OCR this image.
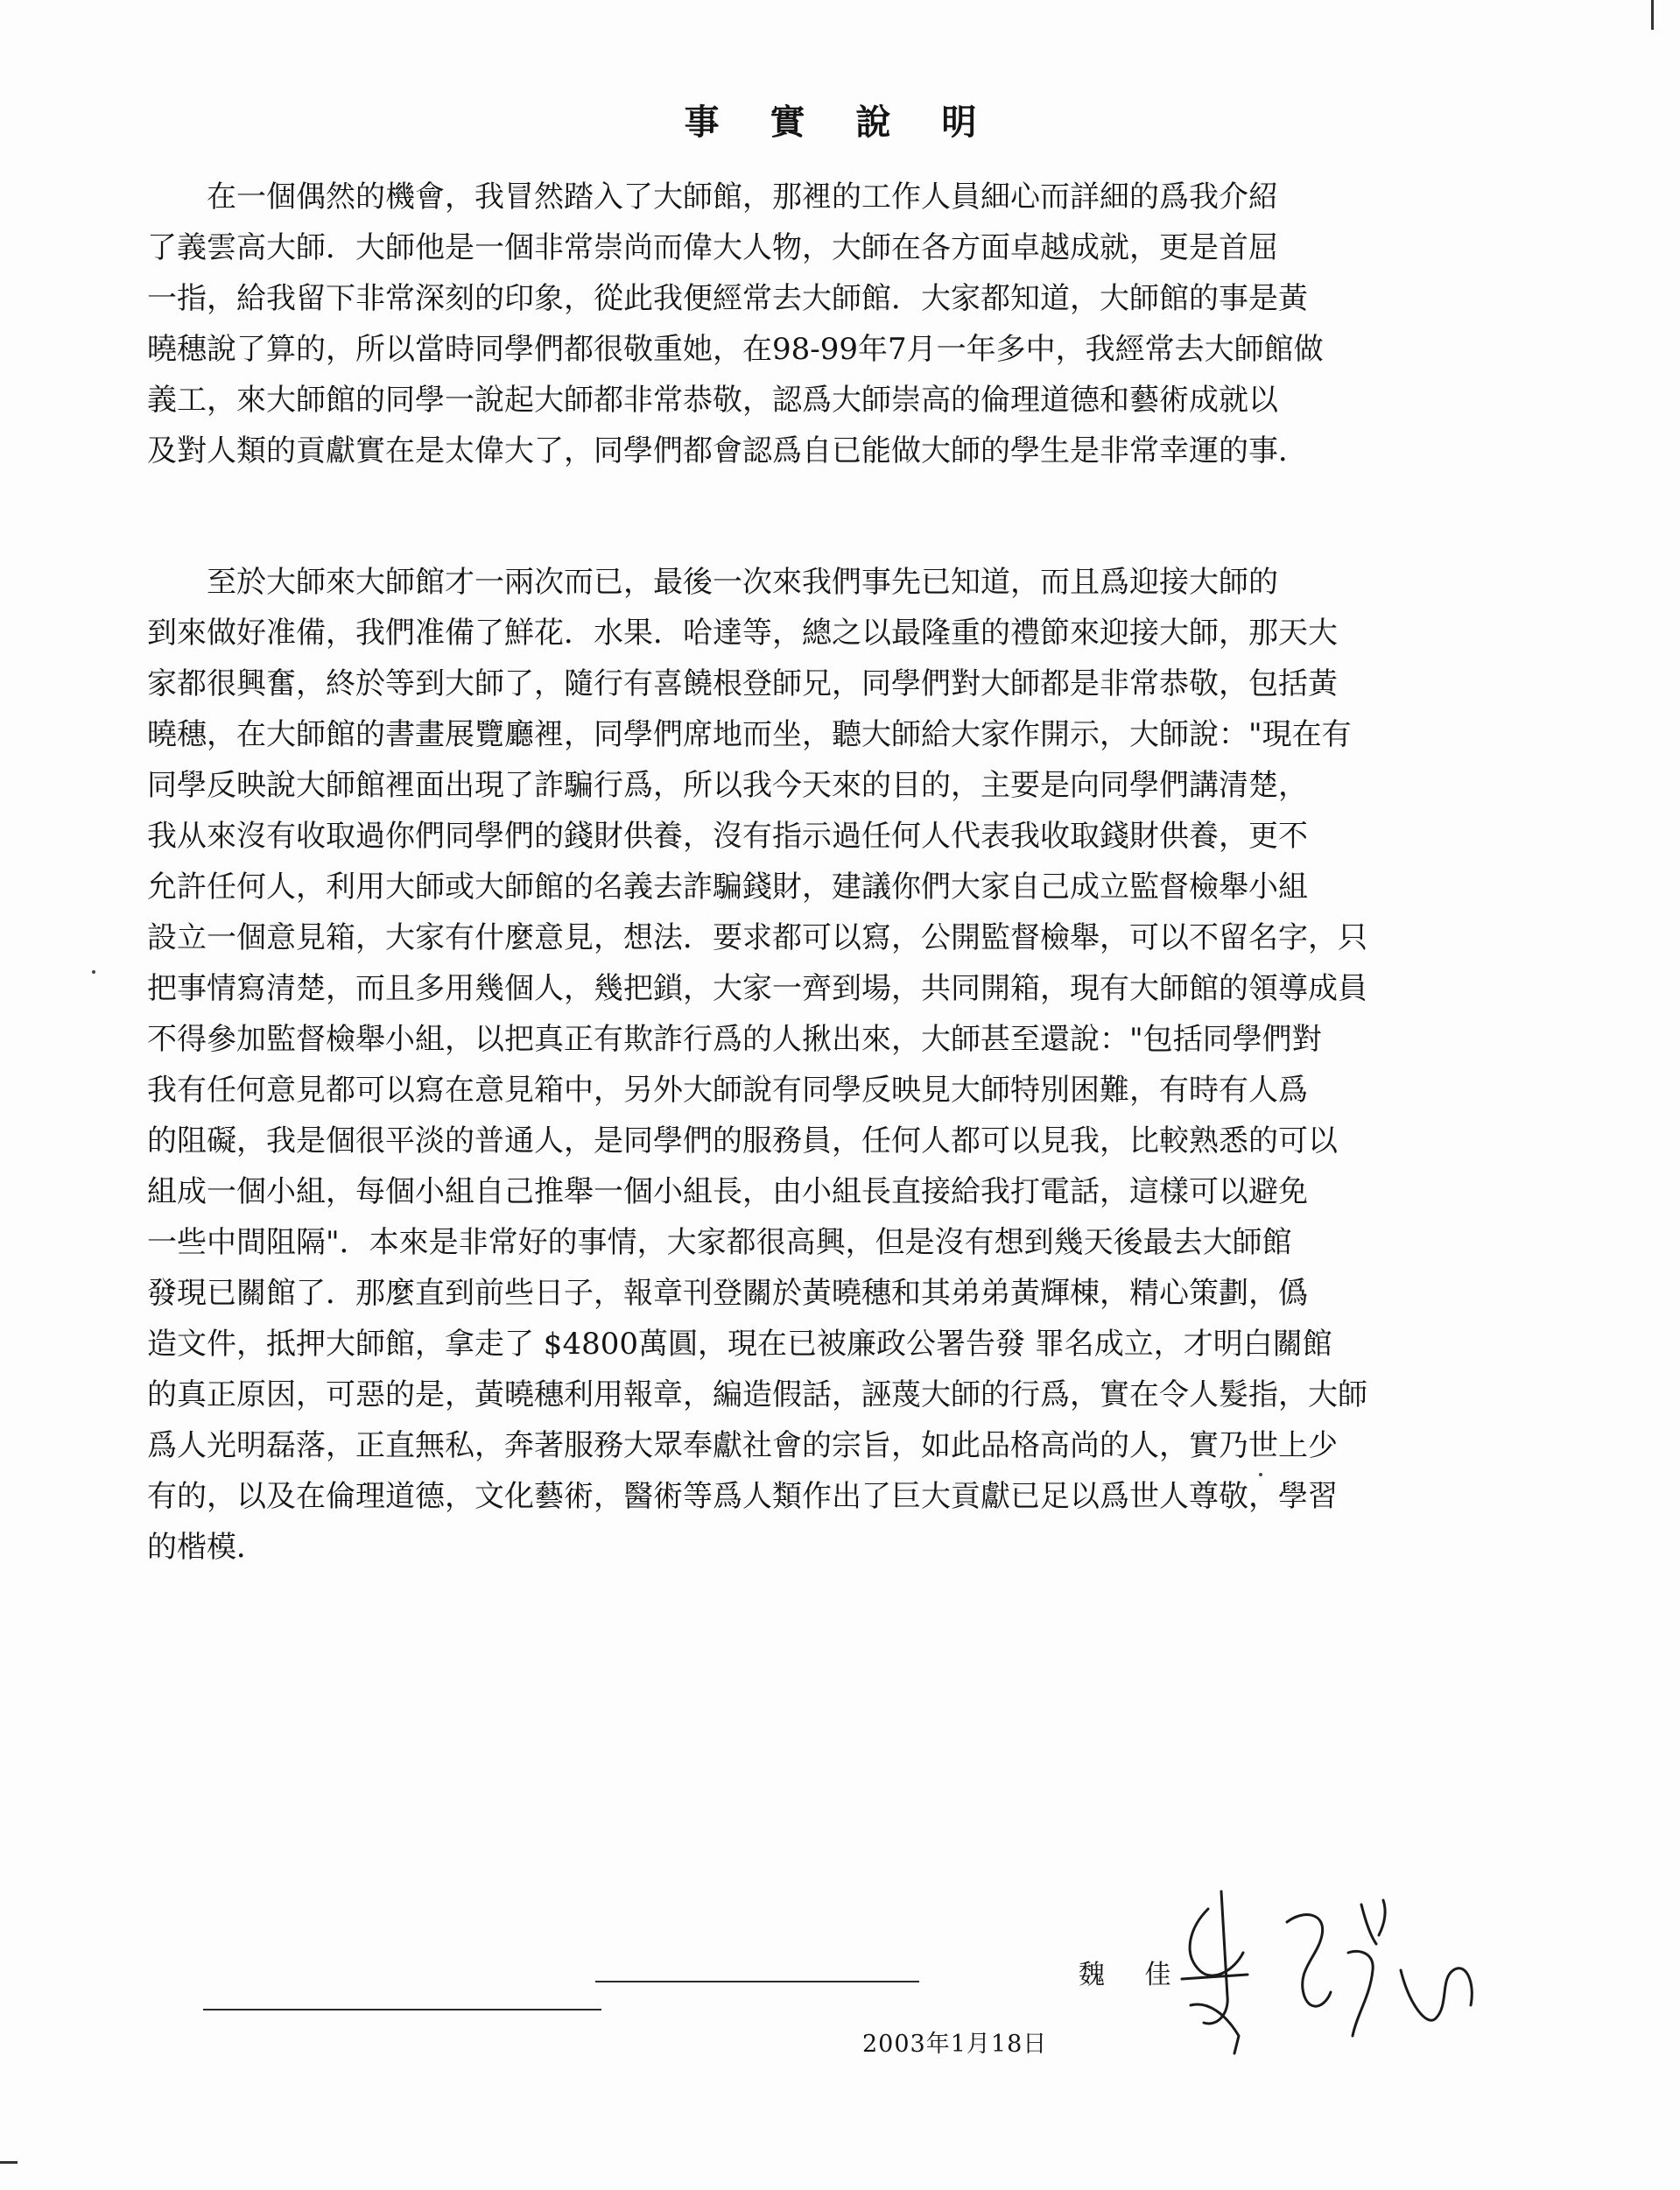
事 實 說 明
在一個偶然的機會，我冒然踏入了大師館，那裡的工作人員細心而詳細的爲我介紹
了義雲高大師．大師他是一個非常崇尚而偉大人物，大師在各方面卓越成就，更是首屈
一指，給我留下非常深刻的印象，從此我便經常去大師館．大家都知道，大師館的事是黃
曉穗說了算的，所以當時同學們都很敬重她，在98-99年7月一年多中，我經常去大師館做
義工，來大師館的同學一說起大師都非常恭敬，認爲大師崇高的倫理道德和藝術成就以
及對人類的貢獻實在是太偉大了，同學們都會認爲自已能做大師的學生是非常幸運的事．
至於大師來大師館才一兩次而已，最後一次來我們事先已知道，而且爲迎接大師的
到來做好准備，我們准備了鮮花．水果．哈達等，總之以最隆重的禮節來迎接大師，那天大
家都很興奮，終於等到大師了，隨行有喜饒根登師兄，同學們對大師都是非常恭敬，包括黃
曉穗，在大師館的書畫展覽廳裡，同學們席地而坐，聽大師給大家作開示，大師說："現在有
同學反映說大師館裡面出現了詐騙行爲，所以我今天來的目的，主要是向同學們講清楚，
我从來沒有收取過你們同學們的錢財供養，沒有指示過任何人代表我收取錢財供養，更不
允許任何人，利用大師或大師館的名義去詐騙錢財，建議你們大家自己成立監督檢舉小組
設立一個意見箱，大家有什麼意見，想法．要求都可以寫，公開監督檢舉，可以不留名字，只
把事情寫清楚，而且多用幾個人，幾把鎖，大家一齊到場，共同開箱，現有大師館的領導成員
不得參加監督檢舉小組，以把真正有欺詐行爲的人揪出來，大師甚至還說："包括同學們對
我有任何意見都可以寫在意見箱中，另外大師說有同學反映見大師特別困難，有時有人爲
的阻礙，我是個很平淡的普通人，是同學們的服務員，任何人都可以見我，比較熟悉的可以
組成一個小組，每個小組自己推舉一個小組長，由小組長直接給我打電話，這樣可以避免
一些中間阻隔"．本來是非常好的事情，大家都很高興，但是沒有想到幾天後最去大師館
發現已關館了．那麼直到前些日子，報章刊登關於黃曉穗和其弟弟黃輝棟，精心策劃，僞
造文件，抵押大師館，拿走了 $4800萬圓，現在已被廉政公署告發 罪名成立，才明白關館
的真正原因，可惡的是，黃曉穗利用報章，編造假話，誣蔑大師的行爲，實在令人髮指，大師
爲人光明磊落，正直無私，奔著服務大眾奉獻社會的宗旨，如此品格高尚的人，實乃世上少
有的，以及在倫理道德，文化藝術，醫術等爲人類作出了巨大貢獻已足以爲世人尊敬，學習
的楷模．
魏 佳
2003年1月18日
